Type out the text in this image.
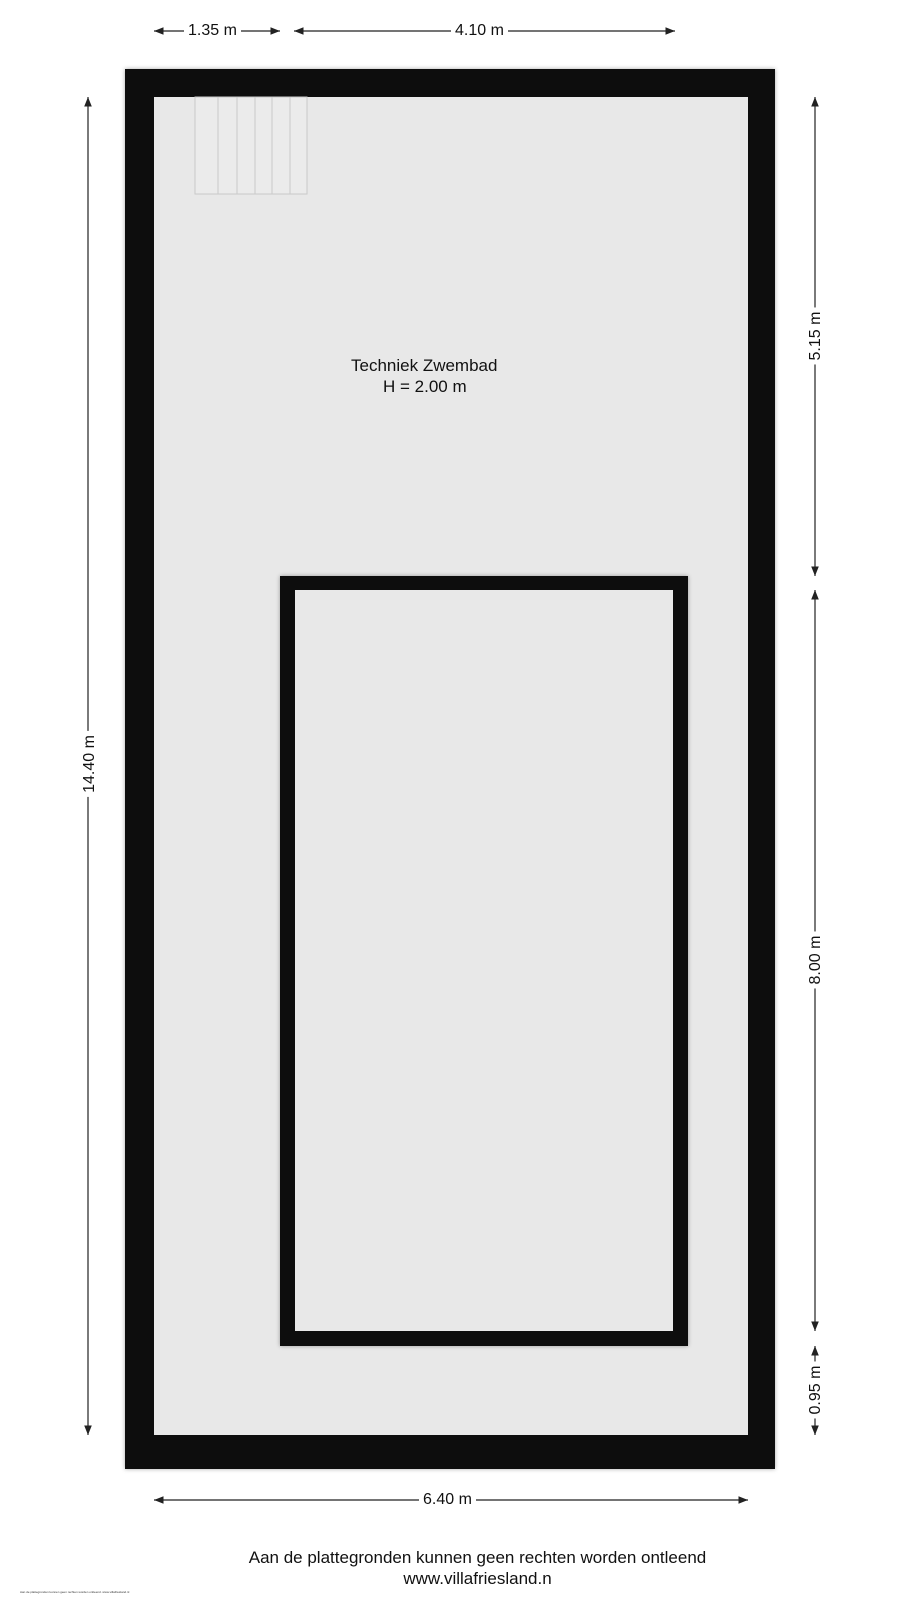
1.35 m	4.10 m
14.40 m
5.15 m
8.00 m
0.95 m
6.40 m
Techniek Zwembad
H = 2.00 m
Aan de plattegronden kunnen geen rechten worden ontleend
www.villafriesland.n
Aan de plattegronden kunnen geen rechten worden ontleend. www.villafriesland.nl
